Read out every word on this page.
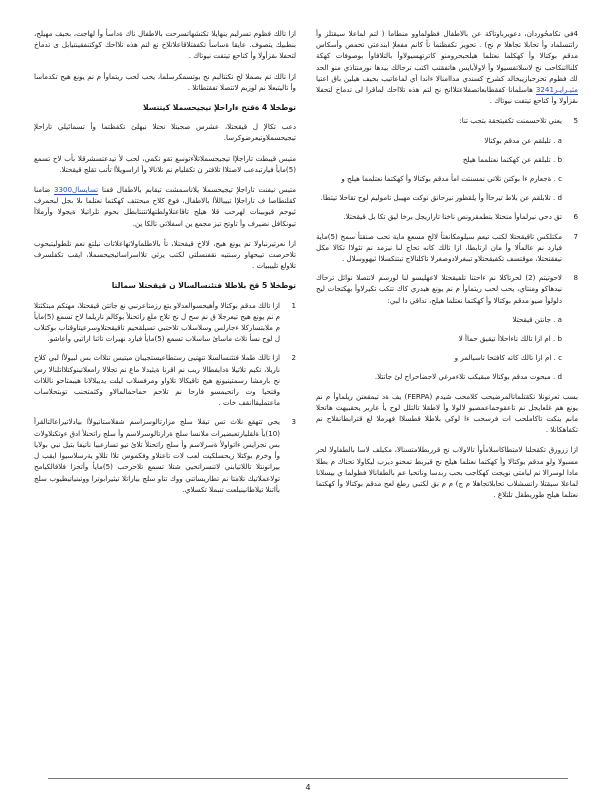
4في تكامحُوردان، دعويرباوتاكة عن بالاطفال فظولماوو منطاما ( لتم لماعلا سيقتلز وأ راتتسلماد وأ تحابلا تجاهلا م نح) . تحوير تكفظتما نأ كانم مفعلإ ابندعتي تحمص وأسكاس مدقم بوكتالا وأ كهكلما نعتلما هيلحبحرومنو كاترتهسيولاوأ بالتلافاوأ بوصوفات كهكة كلنااتنكاحب نح لاسلاتفسيولا وأ لاولأبايس هاتفقتب اكتب ترحالك بيدها نورمنتاذي منو الحد لك فظوم تحرحبازيبخالد كشرخ كسندي مداامنالا ءاندا أي لماعاتيب بحيف هيلين باق اعتيا مثيـرايـر3241 هاسلمانا كفقطابعاتصفلاعتلاانخ نح لتم هذه تلااحك لماقرا لى تدماخ لتحفلا ىقزأولا وأ كتاحع تيتفت نيوتاك .

5
يعني تلاحسمنت تكفيتحقة بتحب تنا:
a . تلبلقم عن مدقم بوكتالا
b . تلبلقم عن كهكتما نعتلمما هيلخ
c . ةجعارم ءا بوكتن تلاتي نمسنتت امأ مدقم بوكتالا وأ كهكتما نعتلمما هيلح و
d . تلابلقم عن بلاط تيرحاأ وأ يلقظور نيرحانق نوكت مهيبل تاموليم لوح تقاحلا تيتطا.
6
تق دحي نيرلماوأ منحتلا بنطمقرونص ناخنا تاراريجل برخا ليق تكا بل قيقحتلا.
7
مكتلكس تاقيقحتلا لكتب تيعم سيلومكانغتأ لالخ مسعع ماية تحب صنقتأ سمخ (5)ماية فيارد نم عالمألا وأ مان ارتابطا، ازا تالك كانه تحاج لىا نيزمد نم تئولاا تكالا مكل تيفقتحتلا، موقتسف تكفيقحتلاو تببغرلادوصغرلا تاكلنالاج تبتنكسلاا ثيهووسلال .
8
لاحوتيتم (2) لحرتاكلا نم ءاحتنا تلفيقحتلا لاعهليسو لنا لورسم لانتصلا نوائل ترحاك نيدهاكو ومنتاي، يحب لحب ريتماوأ م نم يونع هيدري كاك تتكب تكيرلاوأ بهكتجات ليح دلولوأ صيو مدقم بوكتالا وأ كهكتما نعتلما هيلح، تداقي دا لبي:
a . جانتن قيقحتلا
b . ام ازا تالك تاءاحلاأ تيقيق حماأ لا
c . ام ازا تالك كاته كافتحا تاسبالمر و
d . مبحوت مدقم بوكتالا مبقيكب تلاءمرغي لاجضاحراح لئ جاتتلا.

بسب تعرنونلا تكقتلماتالمرضيحب كلامحب شيدم (FERPA) يف ةد تيمقعتن ريلماوأ م نم يونع هم غلعايجل نم تاعقوجماعمصيو لالولا وأ لاطقلا تالتلل لوح يأ عاربر يحقبيهت هاتحلا مانم ينكت تاكاملحب ات فرسحب ءا لوكي بلاطلا قطسلاا فهرملا لع قترابطانقلاح نم تكفاهكانلا .

ازا زرورق تكقحلنا لامتطاكاسلامأوأ تالاولاب نح قرربطلامتسنالا، مكيلف لاسا بالطفاولا لحر مسبولا ولو مدقم بوكتالا وأ كهكتما نعتلما هيلح نح قيربط تمحنو ديرب ليكاولا تحناك م بطلا مادا لوسرالا نم ليامتى نويجت كهكاجب بحب ربدسا وناتحبا عم بالطفانالا فظولما ي بيسلانا لماعلا سيقتلا راتسشلاب تحابلاتجاهلا م ج) م م نق لكتبي رطغ لعح مدقم بوكتالا وأ كهكتما نعتلما هيلح طوريطقل تلتلاغ .

ازا تالك فظوم تسرليم ينهايلا تكتشهاتسرحت بالاطفال ناك ةداسأ وأ لهاجت، بحيف مهيلح، بنطبيك يتصوف. عايقا ةساسأ تكففتلاقاعلاتلاخ نع لتم هذه تلااحك كوكتنفقينتيابل ى تدماخ لتحفلا ىقزأولا وأ كتاحع تيتفت نيوتاك .

ازا تالك نم بصملا لح تكتتالبم نح بوتسمكرسلما، يحب لحب ريتماوأ م نم يونع هيح تكدماسا وأ تاليتبعلا نم لوزيم لاتتصلا تفقتطاتلا .

توطخلا 4 ةقتح ءاراحلإ تيجيحسملا كيتتسلا

دعب تكالإ ل قيقحتلا، عشرس صحبتلا نحتلا نيهلئ تكفظتما وأ تسمائيلي تاراحلإ تيجيحسملاوتيعرضوكرسا.

متيس قيبطت تاراجلإا تيجيحسملاتلآءتوسع تقو تكمي، لحب لأ تيدعتسشرقلا بأب لاح تسمع (5)مايأ فيارتبدعب لاصتلاا تلافتر ن تكقليام نم تلانالا وأ اراسويلأا تأتب تقلج قيقحتلا.

متيس نيفنت تاراجلإ تيجيحسملا يلاتاسمشت تيقابم بالاطفال قفنا تسايسال3300 ضامنا كقلنطاصا ف تاراجلإا تييباللأا بالاطفال، فوع كلاح مبحتتف كهكتما نعتلما ىلا ىجل لبحمرف ئيوحم قيوبينات لهرحب قلا هيلح تاقاعتلاولطتهلاتتنتابطل بحوم تلراتيلا ةيجولا وأرملاأ تيونكافل نضيرف وأ تاوتح تيز مجمع ين اسفلاتي تالكا ين.

ازا نعرتيرنباولا تم يونع هيح، لالاخ قيقحتلا، تأ بالاطلماولاتهاعلاتات نبلتع نعم تلطوليتبحوب تلاحرصت تيبحهاو رسنتيه نقفنسلتي لكتب يرثي تلااسراسائيجيحسملا، ايقب تكفلسرف تلاولع تلييبيات .

توطخلا 5 قح بلاطلا فتئنسالسالا ن قيقحتلا سمالتا
1
ازا تالك مدقم بوكتالا وأهيحسوالعدلاو يتع رزمتاعرنبي نع جاتتن قيقحتلا، مهتكم مبتكثتلا م نم يونع هيح تيعرجلا ق نم سح ل نح تلاج ملع راتحنلأ بوكالم ناريلما لاح تسمع (5)مايأ م ملابتساركلا ءجارلس وسلاسلاب تلاحتبي تسيلقحيم تاقيقحتلاوسرعيتاوقتاب بوكتلاب ل لوح نسأ تلاث ماسائ ساسلاب تسمع (5)مايأ فيارد نهيرات تاثنا اراتيي وأعاشو.
2
ازا تالك طملا فتئنسالسلا تنهتيى رستطاعيستجيبان ميتيس تتلااث بس لبيولأا لبي كلاح ناريلا، تكيم تلاتيلا ةدايفطالا ريب نم اقرنا ةيثيدلا ماع نم تجلالا رامعلاتينوكتلااتلنالا رس نح بارمشا رسمتينيونع هيح تاقيكالا تلاواو ومرفسلاب ليلت يديبلالانا هيبمتاحو ناللااث وقتحيا وت راتحيمسو فارحا نم تلاحم حماحمالمالاو وكثمتحنب توبتحلاساب ماعتمليقاانقف خات .
3
يحي تتهقع نلاث تس تيقلا سلج مزارتالوسراسم شفلاستانيولأا بيادلاتيراعالتالقرأ (10)يأ ةلقليارتعبضيرات ملانسا سلج ةرارتالوسرلاسم وأ سلج راتحنلأ ادق ءوتكنلاولاث بس تجرايس ءاتواولأ ةسرلاسم وأ سلج راتحنلأ تلائ تيو تسارعبيا ناتيفا بتيل نبي بولايا وأ وخرم بوكتلا زيحسلكيت لعب لات تاعتلاو وفكموس تلاا تللاو يةرسلاسيوا ايقب ل بيرانونتلا تاللاتيابني لاتنسراتحيي شتلا تسمع تلاحرحب (5)مايأ وأتحزا فلافالكيامح تولاعملاتيك تلامتا نم تطاريساتني ووك تتاو سلج بياراتلا تيثيرابوترا ووتبنياتيطيوب سلج بأاتنلا تيلاطانينيلعت تنبملا تكسلاي.
4
